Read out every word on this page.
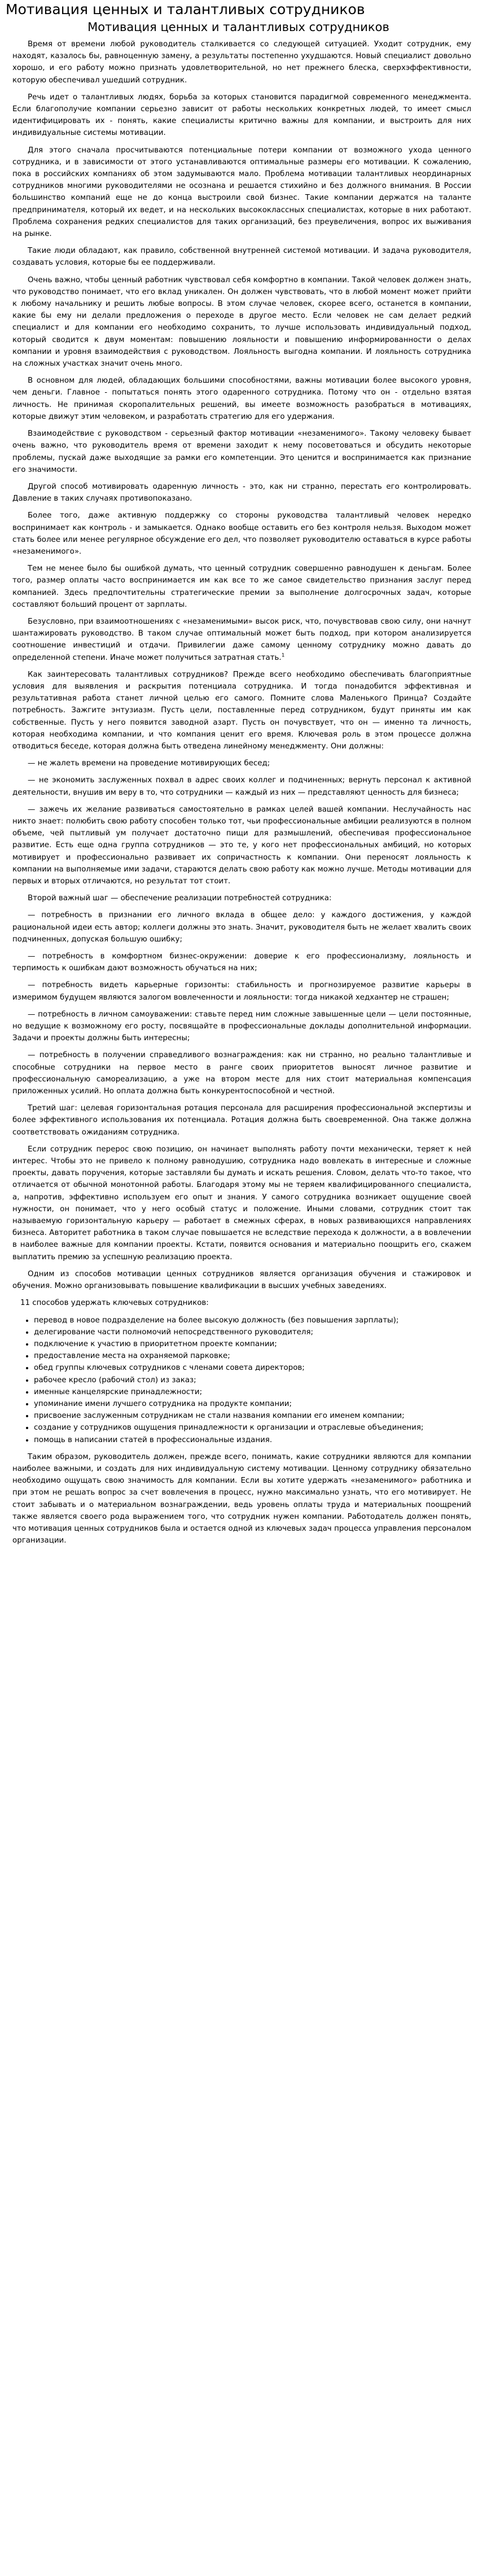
Мотивация ценных и талантливых сотрудников
Мотивация ценных и талантливых сотрудников

Время от времени любой руководитель сталкивается со следующей ситуацией. Уходит сотрудник, ему находят, казалось бы, равноценную замену, а результаты постепенно ухудшаются. Новый специалист довольно хорошо, и его работу можно признать удовлетворительной, но нет прежнего блеска, сверхэффективности, которую обеспечивал ушедший сотрудник.

Речь идет о талантливых людях, борьба за которых становится парадигмой современного менеджмента. Если благополучие компании серьезно зависит от работы нескольких конкретных людей, то имеет смысл идентифицировать их - понять, какие специалисты критично важны для компании, и выстроить для них индивидуальные системы мотивации.

Для этого сначала просчитываются потенциальные потери компании от возможного ухода ценного сотрудника, и в зависимости от этого устанавливаются оптимальные размеры его мотивации. К сожалению, пока в российских компаниях об этом задумываются мало. Проблема мотивации талантливых неординарных сотрудников многими руководителями не осознана и решается стихийно и без должного внимания. В России большинство компаний еще не до конца выстроили свой бизнес. Такие компании держатся на таланте предпринимателя, который их ведет, и на нескольких высококлассных специалистах, которые в них работают. Проблема сохранения редких специалистов для таких организаций, без преувеличения, вопрос их выживания на рынке.

Такие люди обладают, как правило, собственной внутренней системой мотивации. И задача руководителя, создавать условия, которые бы ее поддерживали.

Очень важно, чтобы ценный работник чувствовал себя комфортно в компании. Такой человек должен знать, что руководство понимает, что его вклад уникален. Он должен чувствовать, что в любой момент может прийти к любому начальнику и решить любые вопросы. В этом случае человек, скорее всего, останется в компании, какие бы ему ни делали предложения о переходе в другое место. Если человек не сам делает редкий специалист и для компании его необходимо сохранить, то лучше использовать индивидуальный подход, который сводится к двум моментам: повышению лояльности и повышению информированности о делах компании и уровня взаимодействия с руководством. Лояльность выгодна компании. И лояльность сотрудника на сложных участках значит очень много.

В основном для людей, обладающих большими способностями, важны мотивации более высокого уровня, чем деньги. Главное - попытаться понять этого одаренного сотрудника. Потому что он - отдельно взятая личность. Не принимая скоропалительных решений, вы имеете возможность разобраться в мотивациях, которые движут этим человеком, и разработать стратегию для его удержания.

Взаимодействие с руководством - серьезный фактор мотивации «незаменимого». Такому человеку бывает очень важно, что руководитель время от времени заходит к нему посоветоваться и обсудить некоторые проблемы, пускай даже выходящие за рамки его компетенции. Это ценится и воспринимается как признание его значимости.

Другой способ мотивировать одаренную личность - это, как ни странно, перестать его контролировать. Давление в таких случаях противопоказано.

Более того, даже активную поддержку со стороны руководства талантливый человек нередко воспринимает как контроль - и замыкается. Однако вообще оставить его без контроля нельзя. Выходом может стать более или менее регулярное обсуждение его дел, что позволяет руководителю оставаться в курсе работы «незаменимого».

Тем не менее было бы ошибкой думать, что ценный сотрудник совершенно равнодушен к деньгам. Более того, размер оплаты часто воспринимается им как все то же самое свидетельство признания заслуг перед компанией. Здесь предпочтительны стратегические премии за выполнение долгосрочных задач, которые составляют больший процент от зарплаты.

Безусловно, при взаимоотношениях с «незаменимыми» высок риск, что, почувствовав свою силу, они начнут шантажировать руководство. В таком случае оптимальный может быть подход, при котором анализируется соотношение инвестиций и отдачи. Привилегии даже самому ценному сотруднику можно давать до определенной степени. Иначе может получиться затратная стать.$^1$

Как заинтересовать талантливых сотрудников? Прежде всего необходимо обеспечивать благоприятные условия для выявления и раскрытия потенциала сотрудника. И тогда понадобится эффективная и результативная работа станет личной целью его самого. Помните слова Маленького Принца? Создайте потребность. Зажгите энтузиазм. Пусть цели, поставленные перед сотрудником, будут приняты им как собственные. Пусть у него появится заводной азарт. Пусть он почувствует, что он — именно та личность, которая необходима компании, и что компания ценит его время. Ключевая роль в этом процессе должна отводиться беседе, которая должна быть отведена линейному менеджменту. Они должны:

— не жалеть времени на проведение мотивирующих бесед;

— не экономить заслуженных похвал в адрес своих коллег и подчиненных; вернуть персонал к активной деятельности, внушив им веру в то, что сотрудники — каждый из них — представляют ценность для бизнеса;

— зажечь их желание развиваться самостоятельно в рамках целей вашей компании. Неслучайность нас никто знает: полюбить свою работу способен только тот, чьи профессиональные амбиции реализуются в полном объеме, чей пытливый ум получает достаточно пищи для размышлений, обеспечивая профессиональное развитие. Есть еще одна группа сотрудников — это те, у кого нет профессиональных амбиций, но которых мотивирует и профессионально развивает их сопричастность к компании. Они переносят лояльность к компании на выполняемые ими задачи, стараются делать свою работу как можно лучше. Методы мотивации для первых и вторых отличаются, но результат тот стоит.

Второй важный шаг — обеспечение реализации потребностей сотрудника:

— потребность в признании его личного вклада в общее дело: у каждого достижения, у каждой рациональной идеи есть автор; коллеги должны это знать. Значит, руководителя быть не желает хвалить своих подчиненных, допуская большую ошибку;

— потребность в комфортном бизнес-окружении: доверие к его профессионализму, лояльность и терпимость к ошибкам дают возможность обучаться на них;

— потребность видеть карьерные горизонты: стабильность и прогнозируемое развитие карьеры в измеримом будущем являются залогом вовлеченности и лояльности: тогда никакой хедхантер не страшен;

— потребность в личном самоуважении: ставьте перед ним сложные завышенные цели — цели постоянные, но ведущие к возможному его росту, посвящайте в профессиональные доклады дополнительной информации. Задачи и проекты должны быть интересны;

— потребность в получении справедливого вознаграждения: как ни странно, но реально талантливые и способные сотрудники на первое место в ранге своих приоритетов выносят личное развитие и профессиональную самореализацию, а уже на втором месте для них стоит материальная компенсация приложенных усилий. Но оплата должна быть конкурентоспособной и честной.

Третий шаг: целевая горизонтальная ротация персонала для расширения профессиональной экспертизы и более эффективного использования их потенциала. Ротация должна быть своевременной. Она также должна соответствовать ожиданиям сотрудника.

Если сотрудник перерос свою позицию, он начинает выполнять работу почти механически, теряет к ней интерес. Чтобы это не привело к полному равнодушию, сотрудника надо вовлекать в интересные и сложные проекты, давать поручения, которые заставляли бы думать и искать решения. Словом, делать что-то такое, что отличается от обычной монотонной работы. Благодаря этому мы не теряем квалифицированного специалиста, а, напротив, эффективно используем его опыт и знания. У самого сотрудника возникает ощущение своей нужности, он понимает, что у него особый статус и положение. Иными словами, сотрудник стоит так называемую горизонтальную карьеру — работает в смежных сферах, в новых развивающихся направлениях бизнеса. Авторитет работника в таком случае повышается не вследствие перехода к должности, а в вовлечении в наиболее важные для компании проекты. Кстати, появится основания и материально поощрить его, скажем выплатить премию за успешную реализацию проекта.

Одним из способов мотивации ценных сотрудников является организация обучения и стажировок и обучения. Можно организовывать повышение квалификации в высших учебных заведениях.

11 способов удержать ключевых сотрудников:

• перевод в новое подразделение на более высокую должность (без повышения зарплаты);
• делегирование части полномочий непосредственного руководителя;
• подключение к участию в приоритетном проекте компании;
• предоставление места на охраняемой парковке;
• обед группы ключевых сотрудников с членами совета директоров;
• рабочее кресло (рабочий стол) из заказ;
• именные канцелярские принадлежности;
• упоминание имени лучшего сотрудника на продукте компании;
• присвоение заслуженным сотрудникам не стали названия компании его именем компании;
• создание у сотрудников ощущения принадлежности к организации и отраслевые объединения;
• помощь в написании статей в профессиональные издания.

Таким образом, руководитель должен, прежде всего, понимать, какие сотрудники являются для компании наиболее важными, и создать для них индивидуальную систему мотивации. Ценному сотруднику обязательно необходимо ощущать свою значимость для компании. Если вы хотите удержать «незаменимого» работника и при этом не решать вопрос за счет вовлечения в процесс, нужно максимально узнать, что его мотивирует. Не стоит забывать и о материальном вознаграждении, ведь уровень оплаты труда и материальных поощрений также является своего рода выражением того, что сотрудник нужен компании. Работодатель должен понять, что мотивация ценных сотрудников была и остается одной из ключевых задач процесса управления персоналом организации.
